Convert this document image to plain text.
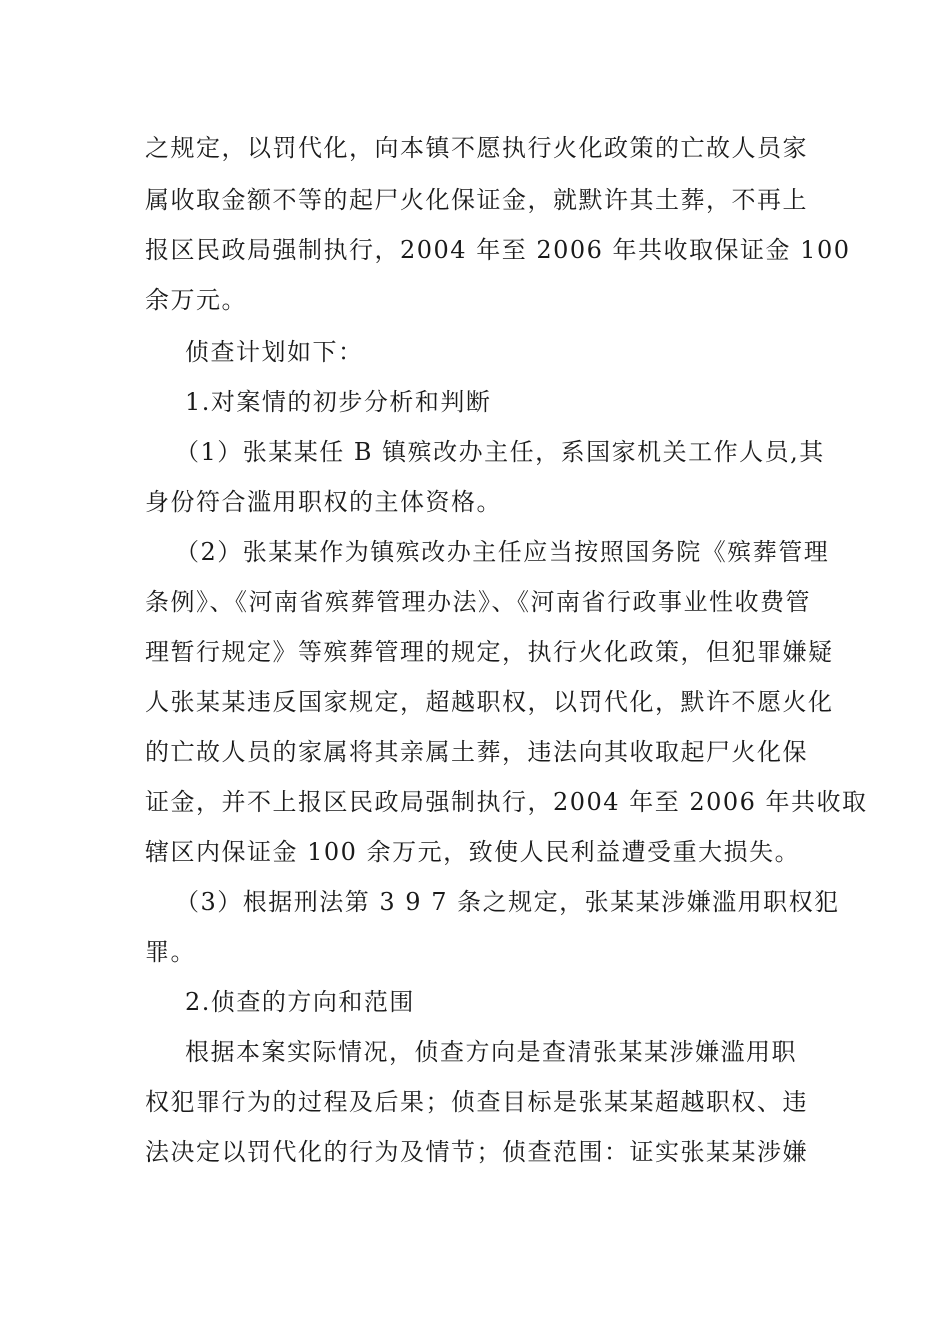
之规定，以罚代化，向本镇不愿执行火化政策的亡故人员家

属收取金额不等的起尸火化保证金，就默许其土葬，不再上

报区民政局强制执行，2004 年至 2006 年共收取保证金 100

余万元。

侦查计划如下：

1.对案情的初步分析和判断

（1）张某某任 B 镇殡改办主任，系国家机关工作人员,其

身份符合滥用职权的主体资格。

（2）张某某作为镇殡改办主任应当按照国务院《殡葬管理

条例》、《河南省殡葬管理办法》、《河南省行政事业性收费管

理暂行规定》等殡葬管理的规定，执行火化政策，但犯罪嫌疑

人张某某违反国家规定，超越职权，以罚代化，默许不愿火化

的亡故人员的家属将其亲属土葬，违法向其收取起尸火化保

证金，并不上报区民政局强制执行，2004 年至 2006 年共收取

辖区内保证金 100 余万元，致使人民利益遭受重大损失。

（3）根据刑法第 3 9 7 条之规定，张某某涉嫌滥用职权犯

罪。

2.侦查的方向和范围

根据本案实际情况，侦查方向是查清张某某涉嫌滥用职

权犯罪行为的过程及后果；侦查目标是张某某超越职权、违

法决定以罚代化的行为及情节；侦查范围：证实张某某涉嫌
